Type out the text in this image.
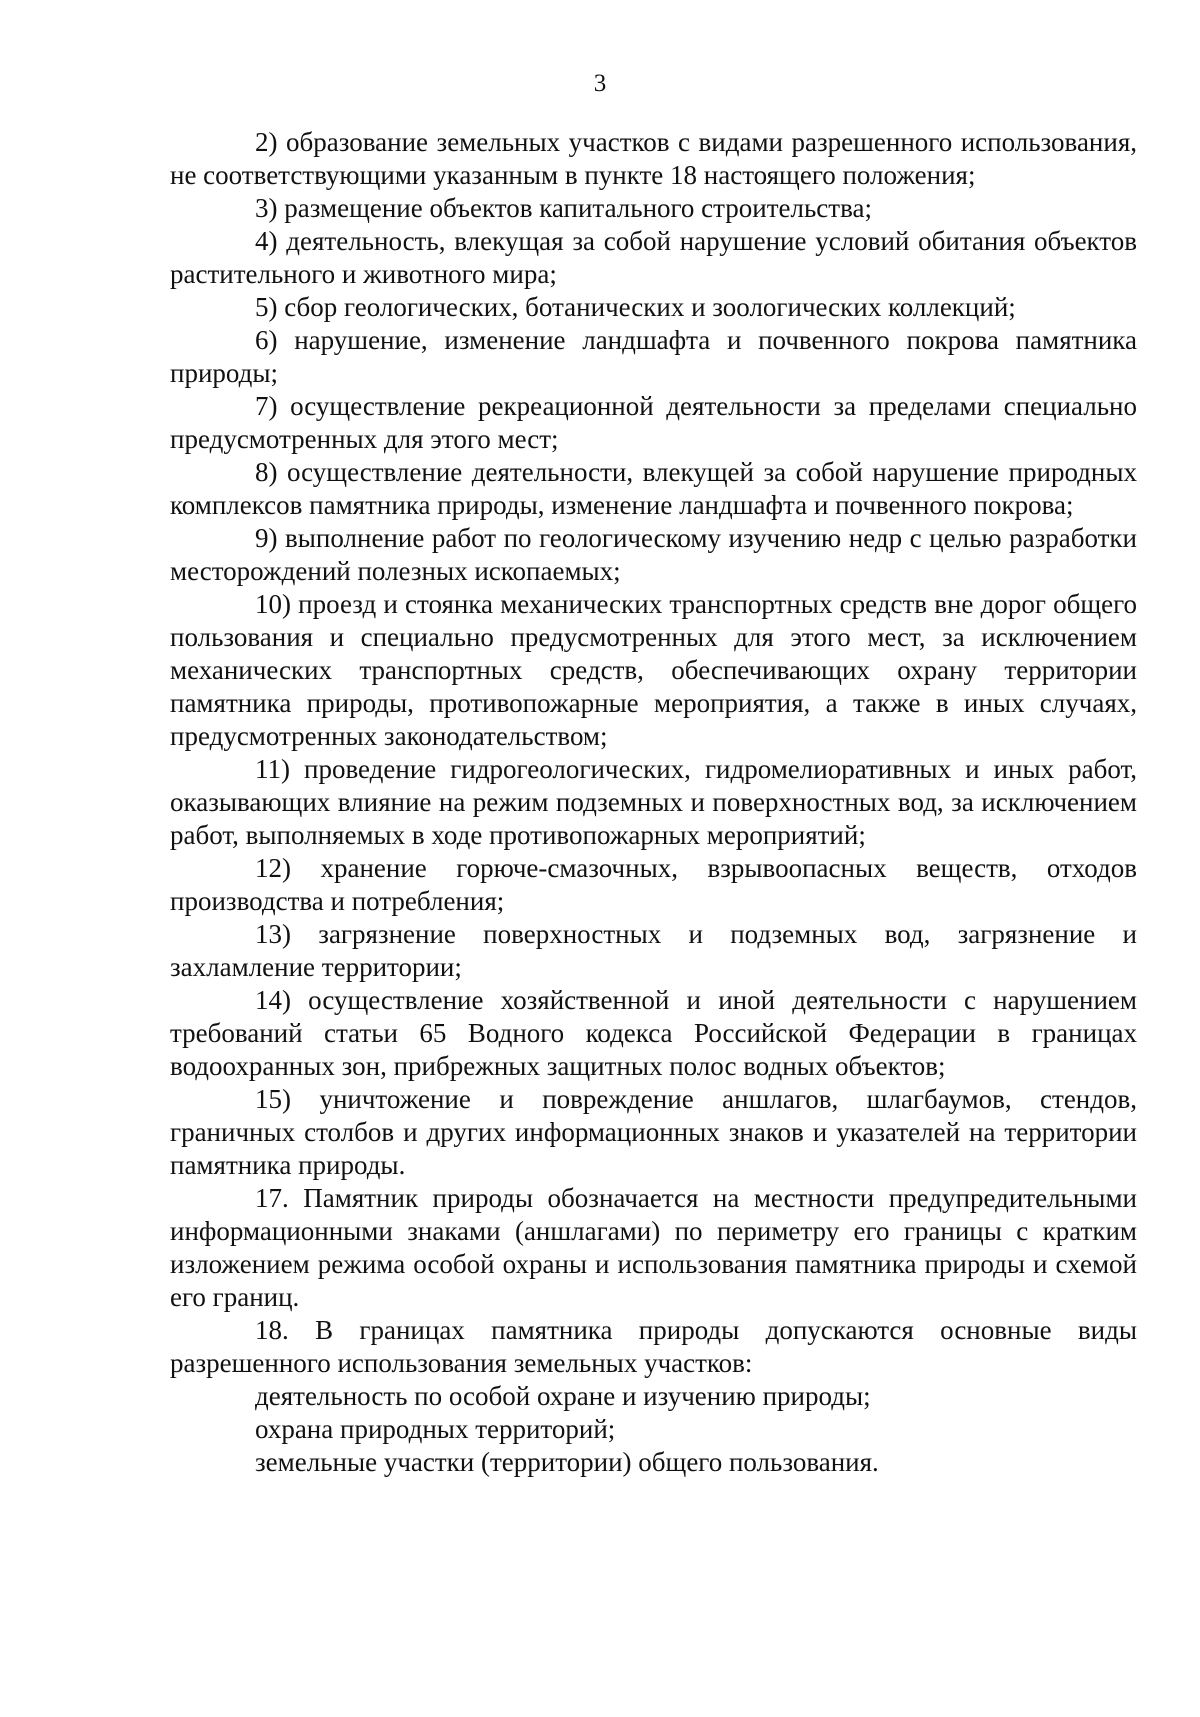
3

2) образование земельных участков с видами разрешенного использования, не соответствующими указанным в пункте 18 настоящего положения;

3) размещение объектов капитального строительства;

4) деятельность, влекущая за собой нарушение условий обитания объектов растительного и животного мира;

5) сбор геологических, ботанических и зоологических коллекций;

6) нарушение, изменение ландшафта и почвенного покрова памятника природы;

7) осуществление рекреационной деятельности за пределами специально предусмотренных для этого мест;

8) осуществление деятельности, влекущей за собой нарушение природных комплексов памятника природы, изменение ландшафта и почвенного покрова;

9) выполнение работ по геологическому изучению недр с целью разработки месторождений полезных ископаемых;

10) проезд и стоянка механических транспортных средств вне дорог общего пользования и специально предусмотренных для этого мест, за исключением механических транспортных средств, обеспечивающих охрану территории памятника природы, противопожарные мероприятия, а также в иных случаях, предусмотренных законодательством;

11) проведение гидрогеологических, гидромелиоративных и иных работ, оказывающих влияние на режим подземных и поверхностных вод, за исключением работ, выполняемых в ходе противопожарных мероприятий;

12) хранение горюче-смазочных, взрывоопасных веществ, отходов производства и потребления;

13) загрязнение поверхностных и подземных вод, загрязнение и захламление территории;

14) осуществление хозяйственной и иной деятельности с нарушением требований статьи 65 Водного кодекса Российской Федерации в границах водоохранных зон, прибрежных защитных полос водных объектов;

15) уничтожение и повреждение аншлагов, шлагбаумов, стендов, граничных столбов и других информационных знаков и указателей на территории памятника природы.

17. Памятник природы обозначается на местности предупредительными информационными знаками (аншлагами) по периметру его границы с кратким изложением режима особой охраны и использования памятника природы и схемой его границ.

18. В границах памятника природы допускаются основные виды разрешенного использования земельных участков:

деятельность по особой охране и изучению природы;

охрана природных территорий;

земельные участки (территории) общего пользования.
